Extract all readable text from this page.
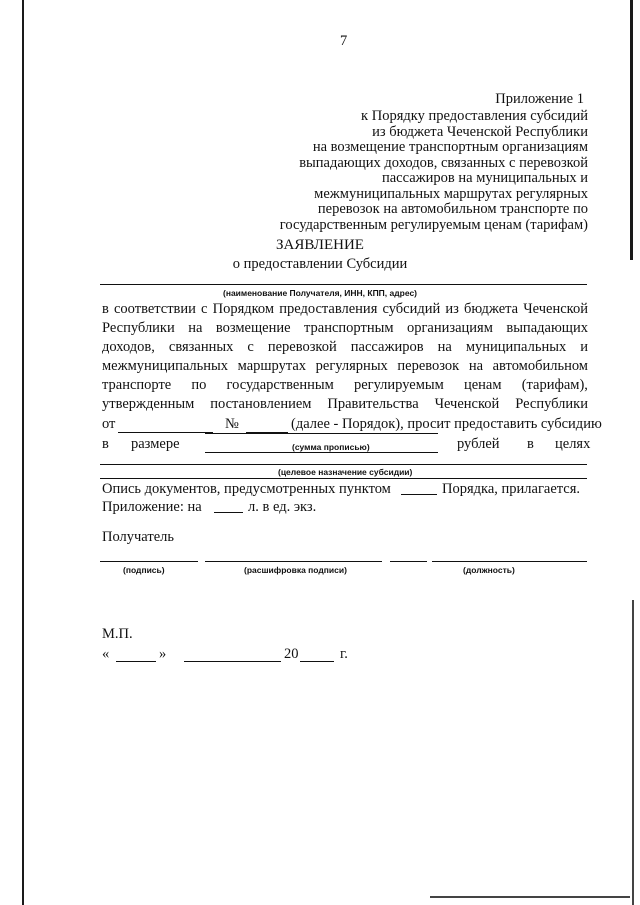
7
Приложение 1
к Порядку предоставления субсидий
из бюджета Чеченской Республики
на возмещение транспортным организациям
выпадающих доходов, связанных с перевозкой
пассажиров на муниципальных и
межмуниципальных маршрутах регулярных
перевозок на автомобильном транспорте по
государственным регулируемым ценам (тарифам)
ЗАЯВЛЕНИЕ
о предоставлении Субсидии
(наименование Получателя, ИНН, КПП, адрес)
в соответствии с Порядком предоставления субсидий из бюджета Чеченской
Республики на возмещение транспортным организациям выпадающих
доходов, связанных с перевозкой пассажиров на муниципальных и
межмуниципальных маршрутах регулярных перевозок на автомобильном
транспорте по государственным регулируемым ценам (тарифам),
утвержденным постановлением Правительства Чеченской Республики
от	№	(далее - Порядок), просит предоставить субсидию
в размере	рублей в целях
(сумма прописью)
(целевое назначение субсидии)
Опись документов, предусмотренных пунктом	Порядка, прилагается.
Приложение: на	л. в ед. экз.
Получатель
(подпись)	(расшифровка подписи)	(должность)
М.П.
«	»	20	г.
